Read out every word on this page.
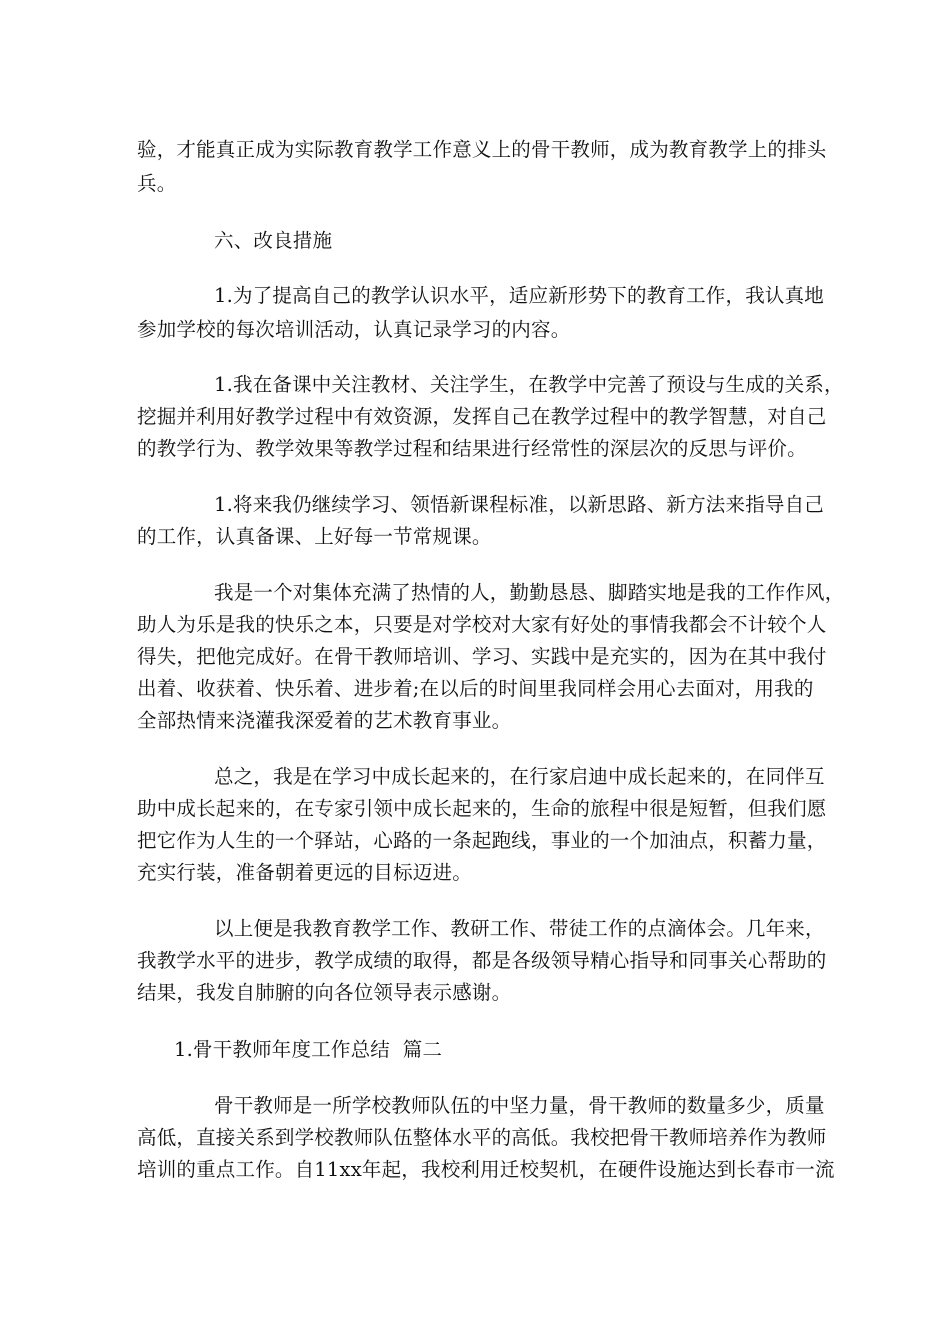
验，才能真正成为实际教育教学工作意义上的骨干教师，成为教育教学上的排头
兵。
六、改良措施
1.为了提高自己的教学认识水平，适应新形势下的教育工作，我认真地
参加学校的每次培训活动，认真记录学习的内容。
1.我在备课中关注教材、关注学生，在教学中完善了预设与生成的关系，
挖掘并利用好教学过程中有效资源，发挥自己在教学过程中的教学智慧，对自己
的教学行为、教学效果等教学过程和结果进行经常性的深层次的反思与评价。
1.将来我仍继续学习、领悟新课程标准，以新思路、新方法来指导自己
的工作，认真备课、上好每一节常规课。
我是一个对集体充满了热情的人，勤勤恳恳、脚踏实地是我的工作作风，
助人为乐是我的快乐之本，只要是对学校对大家有好处的事情我都会不计较个人
得失，把他完成好。在骨干教师培训、学习、实践中是充实的，因为在其中我付
出着、收获着、快乐着、进步着;在以后的时间里我同样会用心去面对，用我的
全部热情来浇灌我深爱着的艺术教育事业。
总之，我是在学习中成长起来的，在行家启迪中成长起来的，在同伴互
助中成长起来的，在专家引领中成长起来的，生命的旅程中很是短暂，但我们愿
把它作为人生的一个驿站，心路的一条起跑线，事业的一个加油点，积蓄力量，
充实行装，准备朝着更远的目标迈进。
以上便是我教育教学工作、教研工作、带徒工作的点滴体会。几年来，
我教学水平的进步，教学成绩的取得，都是各级领导精心指导和同事关心帮助的
结果，我发自肺腑的向各位领导表示感谢。
1.骨干教师年度工作总结  篇二
骨干教师是一所学校教师队伍的中坚力量，骨干教师的数量多少，质量
高低，直接关系到学校教师队伍整体水平的高低。我校把骨干教师培养作为教师
培训的重点工作。自11xx年起，我校利用迁校契机，在硬件设施达到长春市一流
